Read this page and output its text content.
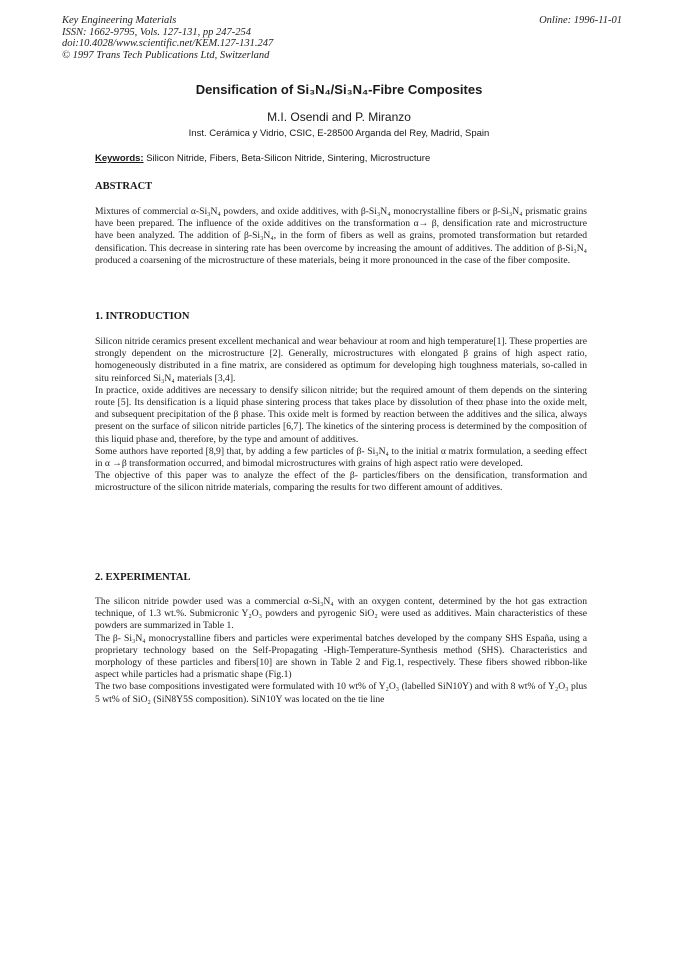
Key Engineering Materials
ISSN: 1662-9795, Vols. 127-131, pp 247-254
doi:10.4028/www.scientific.net/KEM.127-131.247
© 1997 Trans Tech Publications Ltd, Switzerland
Online: 1996-11-01
Densification of Si₃N₄/Si₃N₄-Fibre Composites
M.I. Osendi and P. Miranzo
Inst. Cerámica y Vidrio, CSIC, E-28500 Arganda del Rey, Madrid, Spain
Keywords: Silicon Nitride, Fibers, Beta-Silicon Nitride, Sintering, Microstructure
ABSTRACT
Mixtures of commercial α-Si₃N₄ powders, and oxide additives, with β-Si₃N₄ monocrystalline fibers or β-Si₃N₄ prismatic grains have been prepared. The influence of the oxide additives on the transformation α→ β, densification rate and microstructure have been analyzed. The addition of β-Si₃N₄, in the form of fibers as well as grains, promoted transformation but retarded densification. This decrease in sintering rate has been overcome by increasing the amount of additives. The addition of β-Si₃N₄ produced a coarsening of the microstructure of these materials, being it more pronounced in the case of the fiber composite.
1. INTRODUCTION
Silicon nitride ceramics present excellent mechanical and wear behaviour at room and high temperature[1]. These properties are strongly dependent on the microstructure [2]. Generally, microstructures with elongated β grains of high aspect ratio, homogeneously distributed in a fine matrix, are considered as optimum for developing high toughness materials, so-called in situ reinforced Si₃N₄ materials [3,4].
In practice, oxide additives are necessary to densify silicon nitride; but the required amount of them depends on the sintering route [5]. Its densification is a liquid phase sintering process that takes place by dissolution of theα phase into the oxide melt, and subsequent precipitation of the β phase. This oxide melt is formed by reaction between the additives and the silica, always present on the surface of silicon nitride particles [6,7]. The kinetics of the sintering process is determined by the composition of this liquid phase and, therefore, by the type and amount of additives.
Some authors have reported [8,9] that, by adding a few particles of β- Si₃N₄ to the initial α matrix formulation, a seeding effect in α →β transformation occurred, and bimodal microstructures with grains of high aspect ratio were developed.
The objective of this paper was to analyze the effect of the β- particles/fibers on the densification, transformation and microstructure of the silicon nitride materials, comparing the results for two different amount of additives.
2. EXPERIMENTAL
The silicon nitride powder used was a commercial α-Si₃N₄ with an oxygen content, determined by the hot gas extraction technique, of 1.3 wt.%. Submicronic Y₂O₃ powders and pyrogenic SiO₂ were used as additives. Main characteristics of these powders are summarized in Table 1.
The β- Si₃N₄ monocrystalline fibers and particles were experimental batches developed by the company SHS España, using a proprietary technology based on the Self-Propagating -High-Temperature-Synthesis method (SHS). Characteristics and morphology of these particles and fibers[10] are shown in Table 2 and Fig.1, respectively. These fibers showed ribbon-like aspect while particles had a prismatic shape (Fig.1)
The two base compositions investigated were formulated with 10 wt% of Y₂O₃ (labelled SiN10Y) and with 8 wt% of Y₂O₃ plus 5 wt% of SiO₂ (SiN8Y5S composition). SiN10Y was located on the tie line
